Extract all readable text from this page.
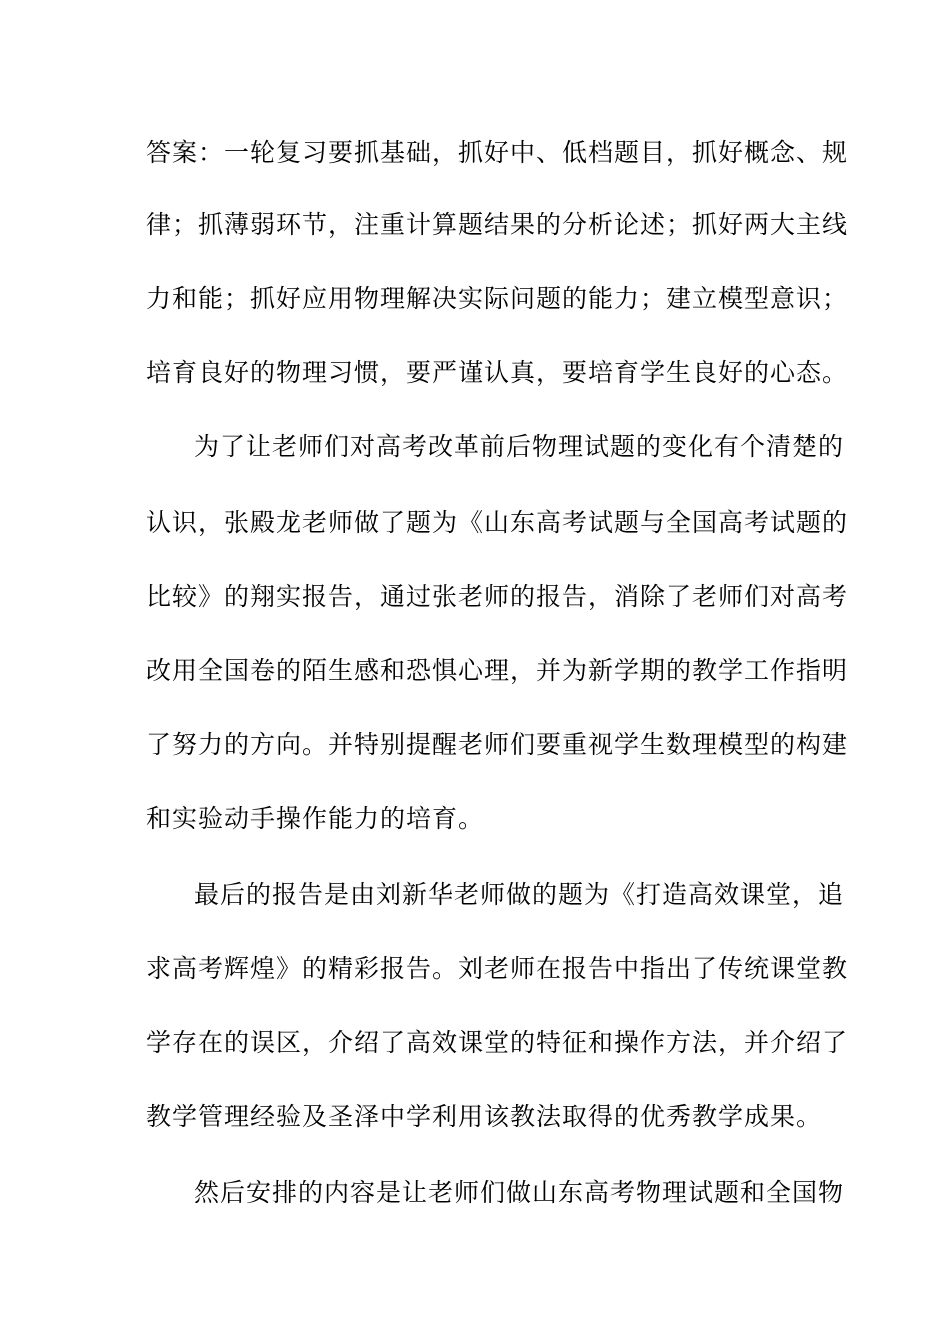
答案：一轮复习要抓基础，抓好中、低档题目，抓好概念、规
律；抓薄弱环节，注重计算题结果的分析论述；抓好两大主线
力和能；抓好应用物理解决实际问题的能力；建立模型意识；
培育良好的物理习惯，要严谨认真，要培育学生良好的心态。
为了让老师们对高考改革前后物理试题的变化有个清楚的
认识，张殿龙老师做了题为《山东高考试题与全国高考试题的
比较》的翔实报告，通过张老师的报告，消除了老师们对高考
改用全国卷的陌生感和恐惧心理，并为新学期的教学工作指明
了努力的方向。并特别提醒老师们要重视学生数理模型的构建
和实验动手操作能力的培育。
最后的报告是由刘新华老师做的题为《打造高效课堂，追
求高考辉煌》的精彩报告。刘老师在报告中指出了传统课堂教
学存在的误区，介绍了高效课堂的特征和操作方法，并介绍了
教学管理经验及圣泽中学利用该教法取得的优秀教学成果。
然后安排的内容是让老师们做山东高考物理试题和全国物
